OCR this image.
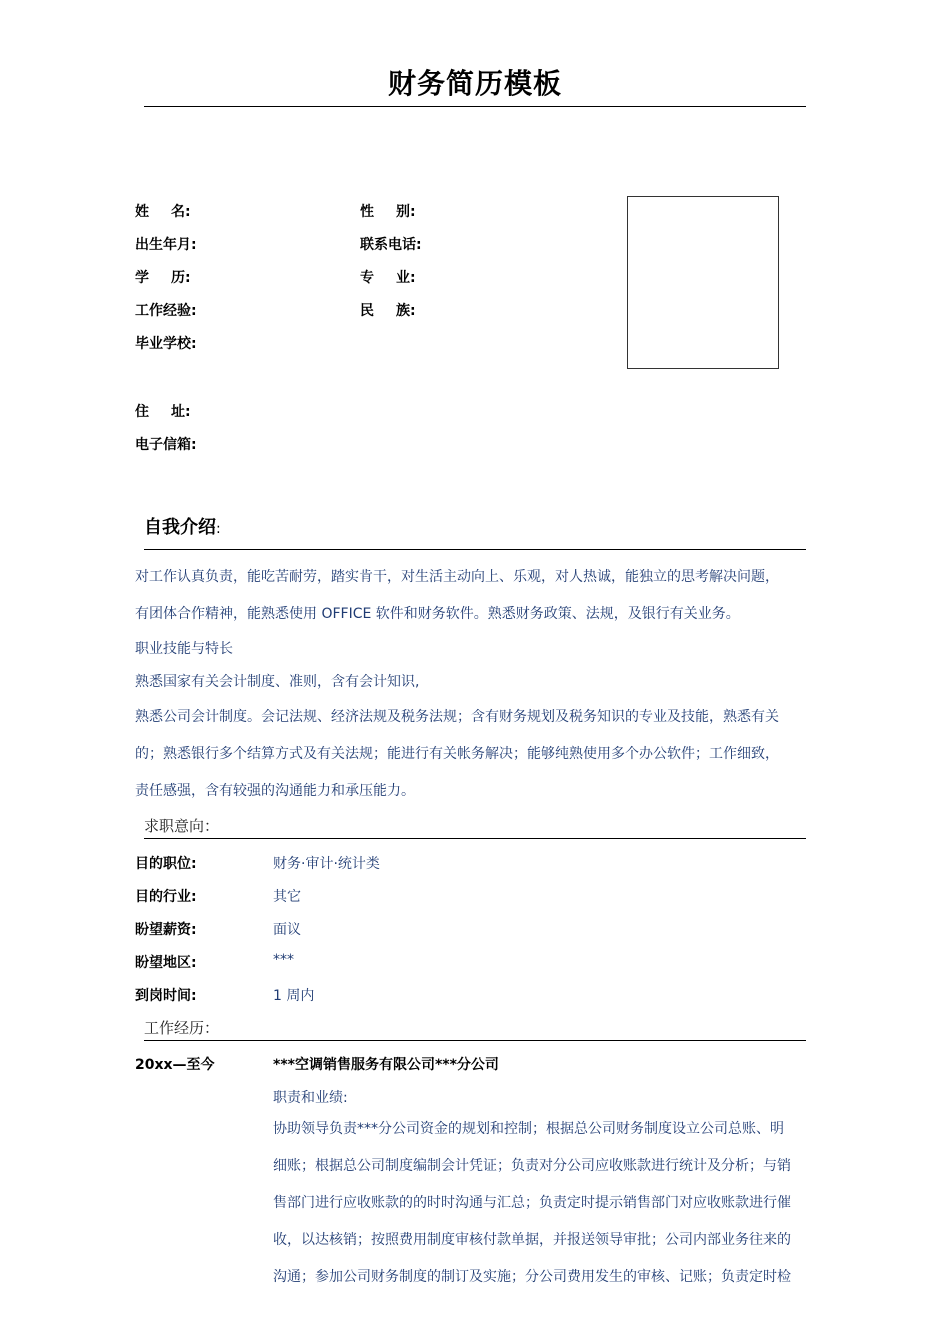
财务简历模板
姓名:	性别:
出生年月:	联系电话:
学历:	专业:
工作经验:	民族:
毕业学校:
住址:
电子信箱:
自我介绍:
对工作认真负责，能吃苦耐劳，踏实肯干，对生活主动向上、乐观，对人热诚，能独立的思考解决问题，
有团体合作精神，能熟悉使用 OFFICE 软件和财务软件。熟悉财务政策、法规，及银行有关业务。
职业技能与特长
熟悉国家有关会计制度、准则，含有会计知识,
熟悉公司会计制度。会记法规、经济法规及税务法规；含有财务规划及税务知识的专业及技能，熟悉有关
的；熟悉银行多个结算方式及有关法规；能进行有关帐务解决；能够纯熟使用多个办公软件；工作细致，
责任感强，含有较强的沟通能力和承压能力。
求职意向：
目的职位:	财务·审计·统计类
目的行业:	其它
盼望薪资:	面议
盼望地区:	***
到岗时间:	1 周内
工作经历：
20xx—至今	***空调销售服务有限公司***分公司
职责和业绩:
协助领导负责***分公司资金的规划和控制；根据总公司财务制度设立公司总账、明
细账；根据总公司制度编制会计凭证；负责对分公司应收账款进行统计及分析；与销
售部门进行应收账款的的时时沟通与汇总；负责定时提示销售部门对应收账款进行催
收，以达核销；按照费用制度审核付款单据，并报送领导审批；公司内部业务往来的
沟通；参加公司财务制度的制订及实施；分公司费用发生的审核、记账；负责定时检
